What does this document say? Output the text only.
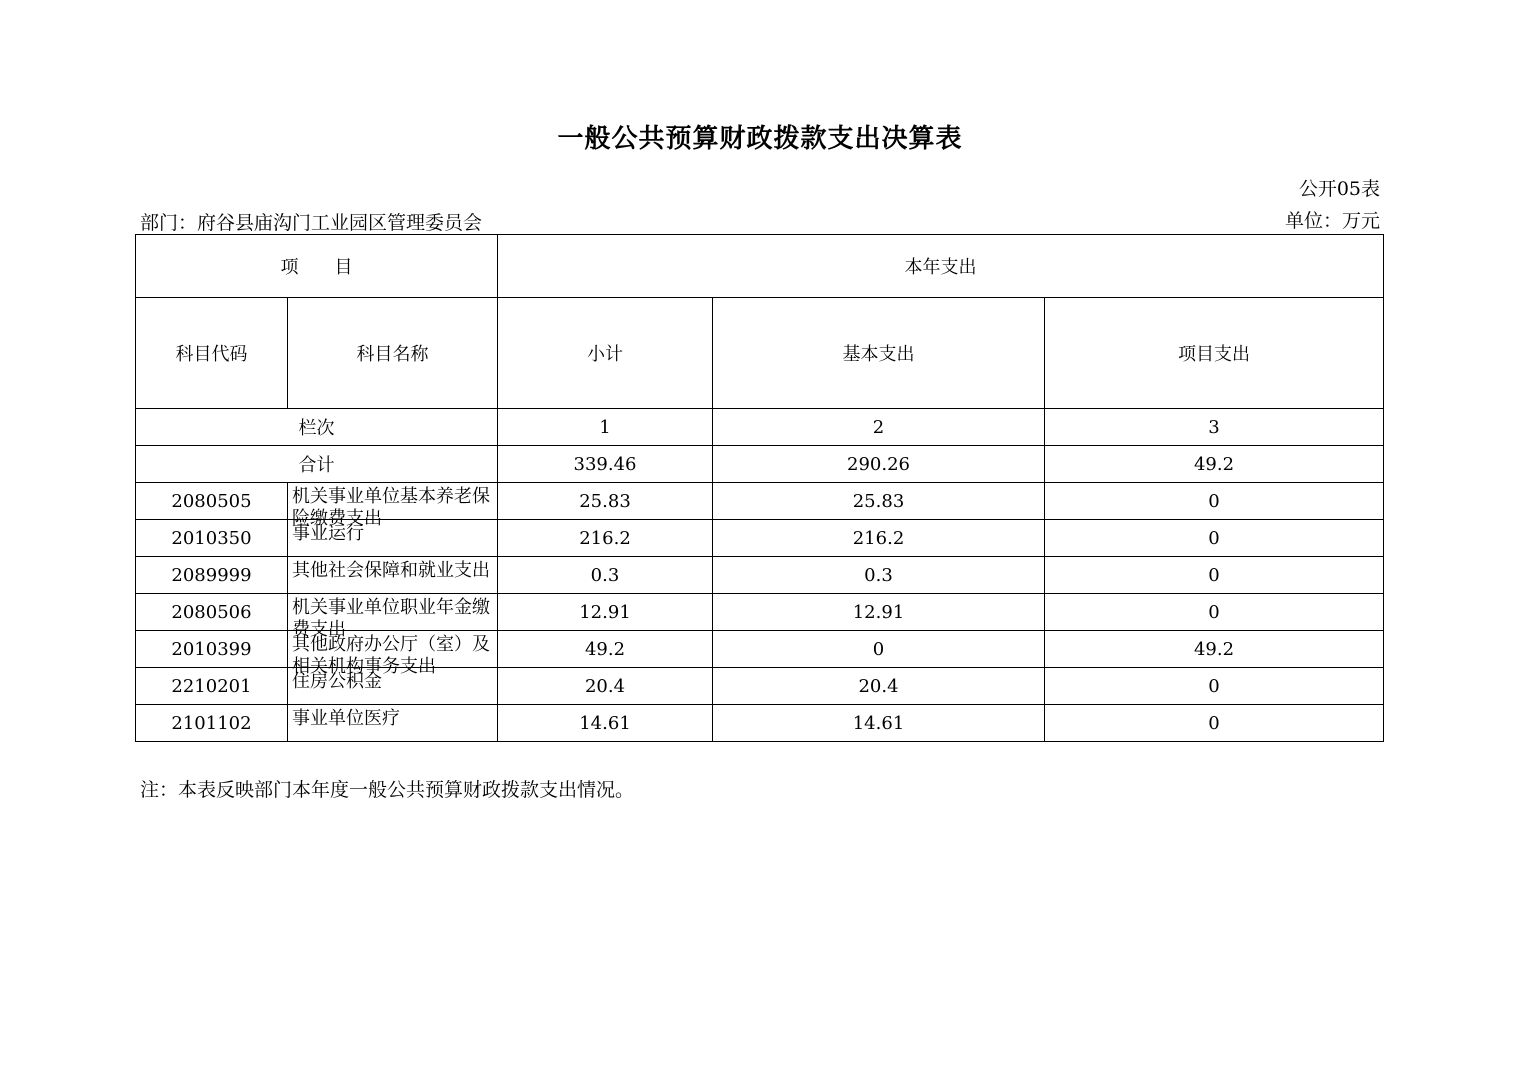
一般公共预算财政拨款支出决算表
公开05表
部门：府谷县庙沟门工业园区管理委员会	单位：万元
项　　目		本年支出		
科目代码	科目名称	小计	基本支出	项目支出
栏次		1	2	3
合计		339.46	290.26	49.2
2080505	机关事业单位基本养老保险缴费支出	25.83	25.83	0
2010350	事业运行	216.2	216.2	0
2089999	其他社会保障和就业支出	0.3	0.3	0
2080506	机关事业单位职业年金缴费支出	12.91	12.91	0
2010399	其他政府办公厅（室）及相关机构事务支出	49.2	0	49.2
2210201	住房公积金	20.4	20.4	0
2101102	事业单位医疗	14.61	14.61	0
注：本表反映部门本年度一般公共预算财政拨款支出情况。
